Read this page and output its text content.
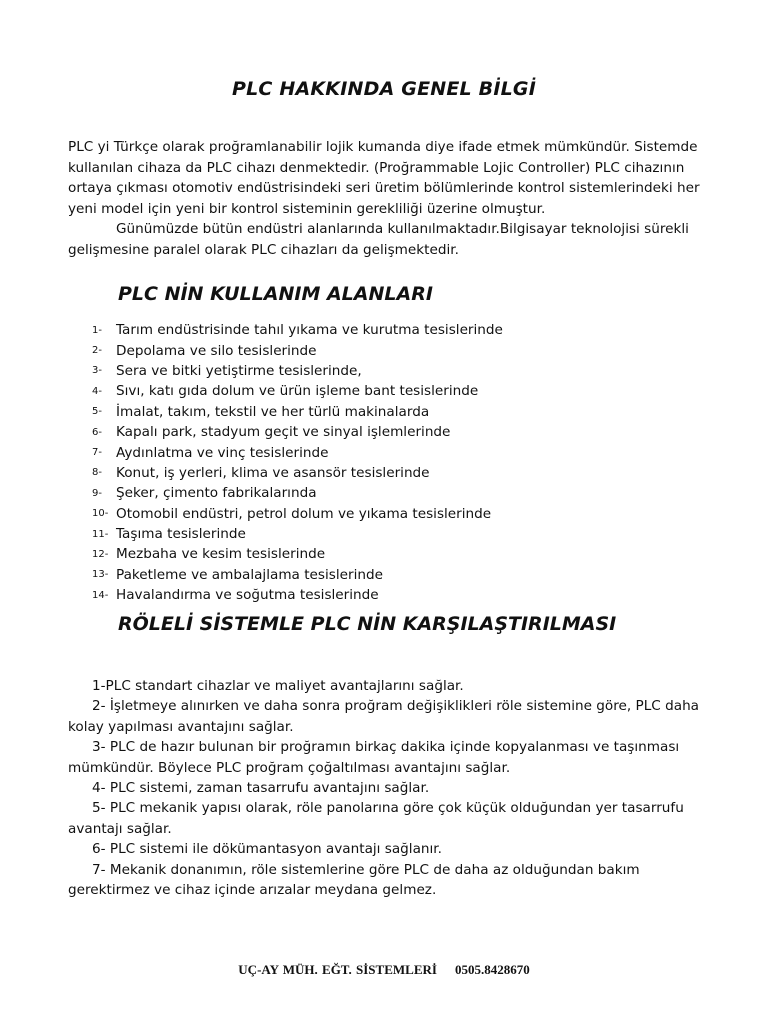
PLC HAKKINDA GENEL BİLGİ

PLC yi Türkçe olarak proğramlanabilir lojik kumanda diye ifade etmek mümkündür. Sistemde kullanılan cihaza da PLC cihazı denmektedir. (Proğrammable Lojic Controller) PLC cihazının ortaya çıkması otomotiv endüstrisindeki seri üretim bölümlerinde kontrol sistemlerindeki her yeni model için yeni bir kontrol sisteminin gerekliliği üzerine olmuştur.

Günümüzde bütün endüstri alanlarında kullanılmaktadır.Bilgisayar teknolojisi sürekli gelişmesine paralel olarak PLC cihazları da gelişmektedir.

PLC NİN KULLANIM ALANLARI
1-	Tarım endüstrisinde tahıl yıkama ve kurutma tesislerinde
2-	Depolama ve silo tesislerinde
3-	Sera ve bitki yetiştirme tesislerinde,
4-	Sıvı, katı gıda dolum ve ürün işleme bant tesislerinde
5-	İmalat, takım, tekstil ve her türlü makinalarda
6-	Kapalı park, stadyum geçit ve sinyal işlemlerinde
7-	Aydınlatma ve vinç tesislerinde
8-	Konut, iş yerleri, klima ve asansör tesislerinde
9-	Şeker, çimento fabrikalarında
10- Otomobil endüstri, petrol dolum ve yıkama tesislerinde
11- Taşıma tesislerinde
12- Mezbaha ve kesim tesislerinde
13- Paketleme ve ambalajlama tesislerinde
14- Havalandırma ve soğutma tesislerinde
RÖLELİ SİSTEMLE PLC NİN KARŞILAŞTIRILMASI

1-PLC standart cihazlar ve maliyet avantajlarını sağlar.

2- İşletmeye alınırken ve daha sonra proğram değişiklikleri röle sistemine göre, PLC daha kolay yapılması avantajını sağlar.

3- PLC de hazır bulunan bir proğramın birkaç dakika içinde kopyalanması ve taşınması mümkündür. Böylece PLC proğram çoğaltılması avantajını sağlar.

4- PLC sistemi, zaman tasarrufu avantajını sağlar.

5- PLC mekanik yapısı olarak, röle panolarına göre çok küçük olduğundan yer tasarrufu avantajı sağlar.

6- PLC sistemi ile dökümantasyon avantajı sağlanır.

7- Mekanik donanımın, röle sistemlerine göre PLC de daha az olduğundan bakım gerektirmez ve cihaz içinde arızalar meydana gelmez.

UÇ-AY MÜH. EĞT. SİSTEMLERİ 0505.8428670
